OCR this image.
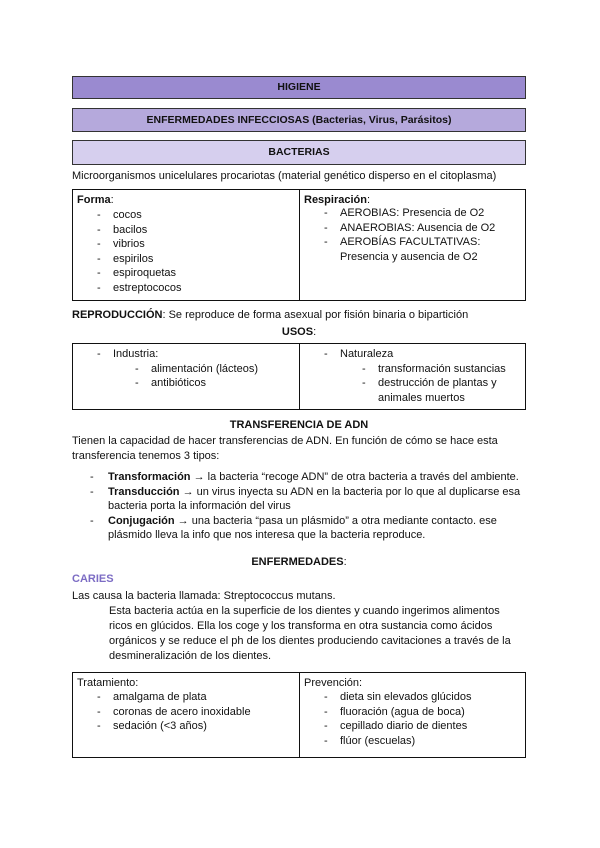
HIGIENE
ENFERMEDADES INFECCIOSAS (Bacterias, Virus, Parásitos)
BACTERIAS
Microorganismos unicelulares procariotas (material genético disperso en el citoplasma)
Forma:
- cocos
- bacilos
- vibrios
- espirilos
- espiroquetas
- estreptococos
Respiración:
- AEROBIAS: Presencia de O2
- ANAEROBIAS: Ausencia de O2
- AEROBÍAS FACULTATIVAS:
Presencia y ausencia de O2
REPRODUCCIÓN: Se reproduce de forma asexual por fisión binaria o bipartición
USOS:
- Industria:
- alimentación (lácteos)
- antibióticos
- Naturaleza
- transformación sustancias
- destrucción de plantas y
animales muertos
TRANSFERENCIA DE ADN
Tienen la capacidad de hacer transferencias de ADN. En función de cómo se hace esta
transferencia tenemos 3 tipos:
- Transformación → la bacteria “recoge ADN” de otra bacteria a través del ambiente.
- Transducción → un virus inyecta su ADN en la bacteria por lo que al duplicarse esa
bacteria porta la información del virus
- Conjugación → una bacteria “pasa un plásmido” a otra mediante contacto. ese
plásmido lleva la info que nos interesa que la bacteria reproduce.
ENFERMEDADES:
CARIES
Las causa la bacteria llamada: Streptococcus mutans.
Esta bacteria actúa en la superficie de los dientes y cuando ingerimos alimentos
ricos en glúcidos. Ella los coge y los transforma en otra sustancia como ácidos
orgánicos y se reduce el ph de los dientes produciendo cavitaciones a través de la
desmineralización de los dientes.
Tratamiento:
- amalgama de plata
- coronas de acero inoxidable
- sedación (<3 años)
Prevención:
- dieta sin elevados glúcidos
- fluoración (agua de boca)
- cepillado diario de dientes
- flúor (escuelas)
